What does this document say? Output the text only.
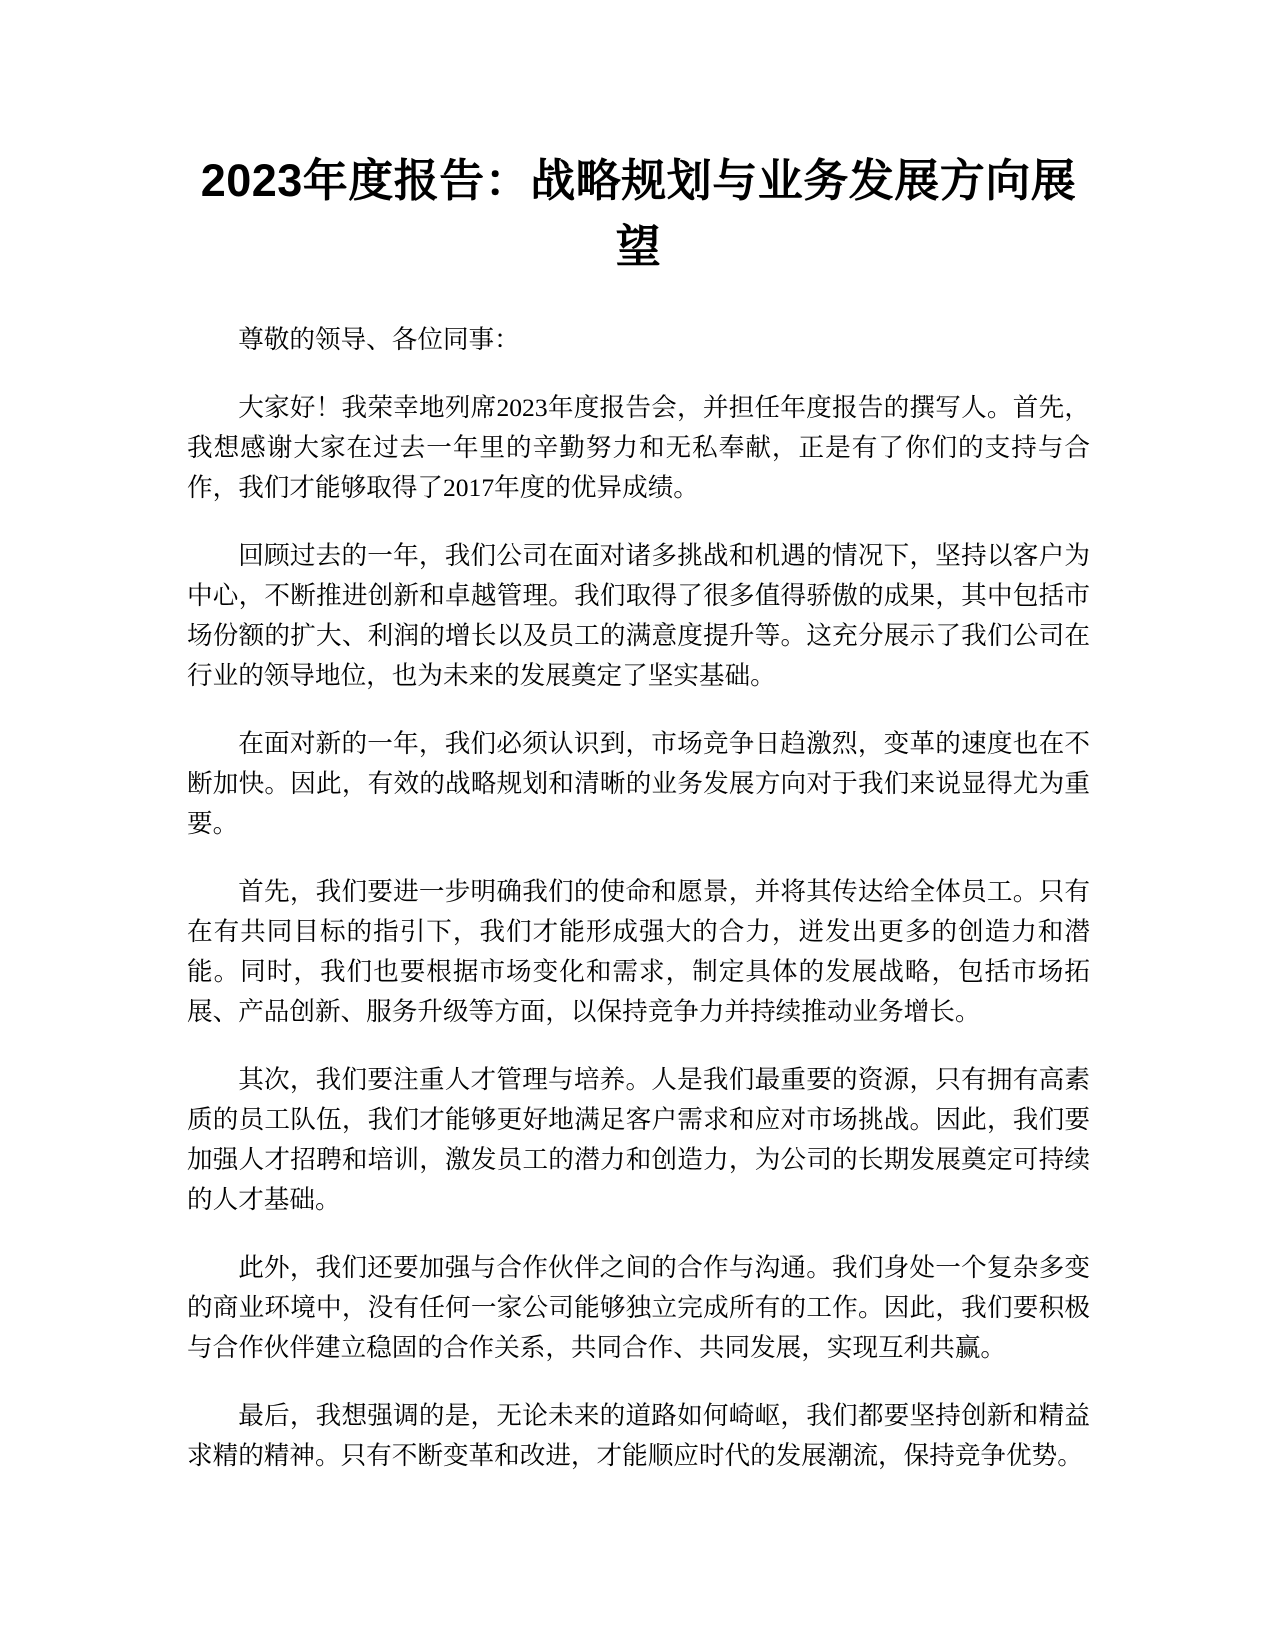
2023年度报告：战略规划与业务发展方向展望

尊敬的领导、各位同事：

大家好！我荣幸地列席2023年度报告会，并担任年度报告的撰写人。首先，我想感谢大家在过去一年里的辛勤努力和无私奉献，正是有了你们的支持与合作，我们才能够取得了2017年度的优异成绩。

回顾过去的一年，我们公司在面对诸多挑战和机遇的情况下，坚持以客户为中心，不断推进创新和卓越管理。我们取得了很多值得骄傲的成果，其中包括市场份额的扩大、利润的增长以及员工的满意度提升等。这充分展示了我们公司在行业的领导地位，也为未来的发展奠定了坚实基础。

在面对新的一年，我们必须认识到，市场竞争日趋激烈，变革的速度也在不断加快。因此，有效的战略规划和清晰的业务发展方向对于我们来说显得尤为重要。

首先，我们要进一步明确我们的使命和愿景，并将其传达给全体员工。只有在有共同目标的指引下，我们才能形成强大的合力，迸发出更多的创造力和潜能。同时，我们也要根据市场变化和需求，制定具体的发展战略，包括市场拓展、产品创新、服务升级等方面，以保持竞争力并持续推动业务增长。

其次，我们要注重人才管理与培养。人是我们最重要的资源，只有拥有高素质的员工队伍，我们才能够更好地满足客户需求和应对市场挑战。因此，我们要加强人才招聘和培训，激发员工的潜力和创造力，为公司的长期发展奠定可持续的人才基础。

此外，我们还要加强与合作伙伴之间的合作与沟通。我们身处一个复杂多变的商业环境中，没有任何一家公司能够独立完成所有的工作。因此，我们要积极与合作伙伴建立稳固的合作关系，共同合作、共同发展，实现互利共赢。

最后，我想强调的是，无论未来的道路如何崎岖，我们都要坚持创新和精益求精的精神。只有不断变革和改进，才能顺应时代的发展潮流，保持竞争优势。
